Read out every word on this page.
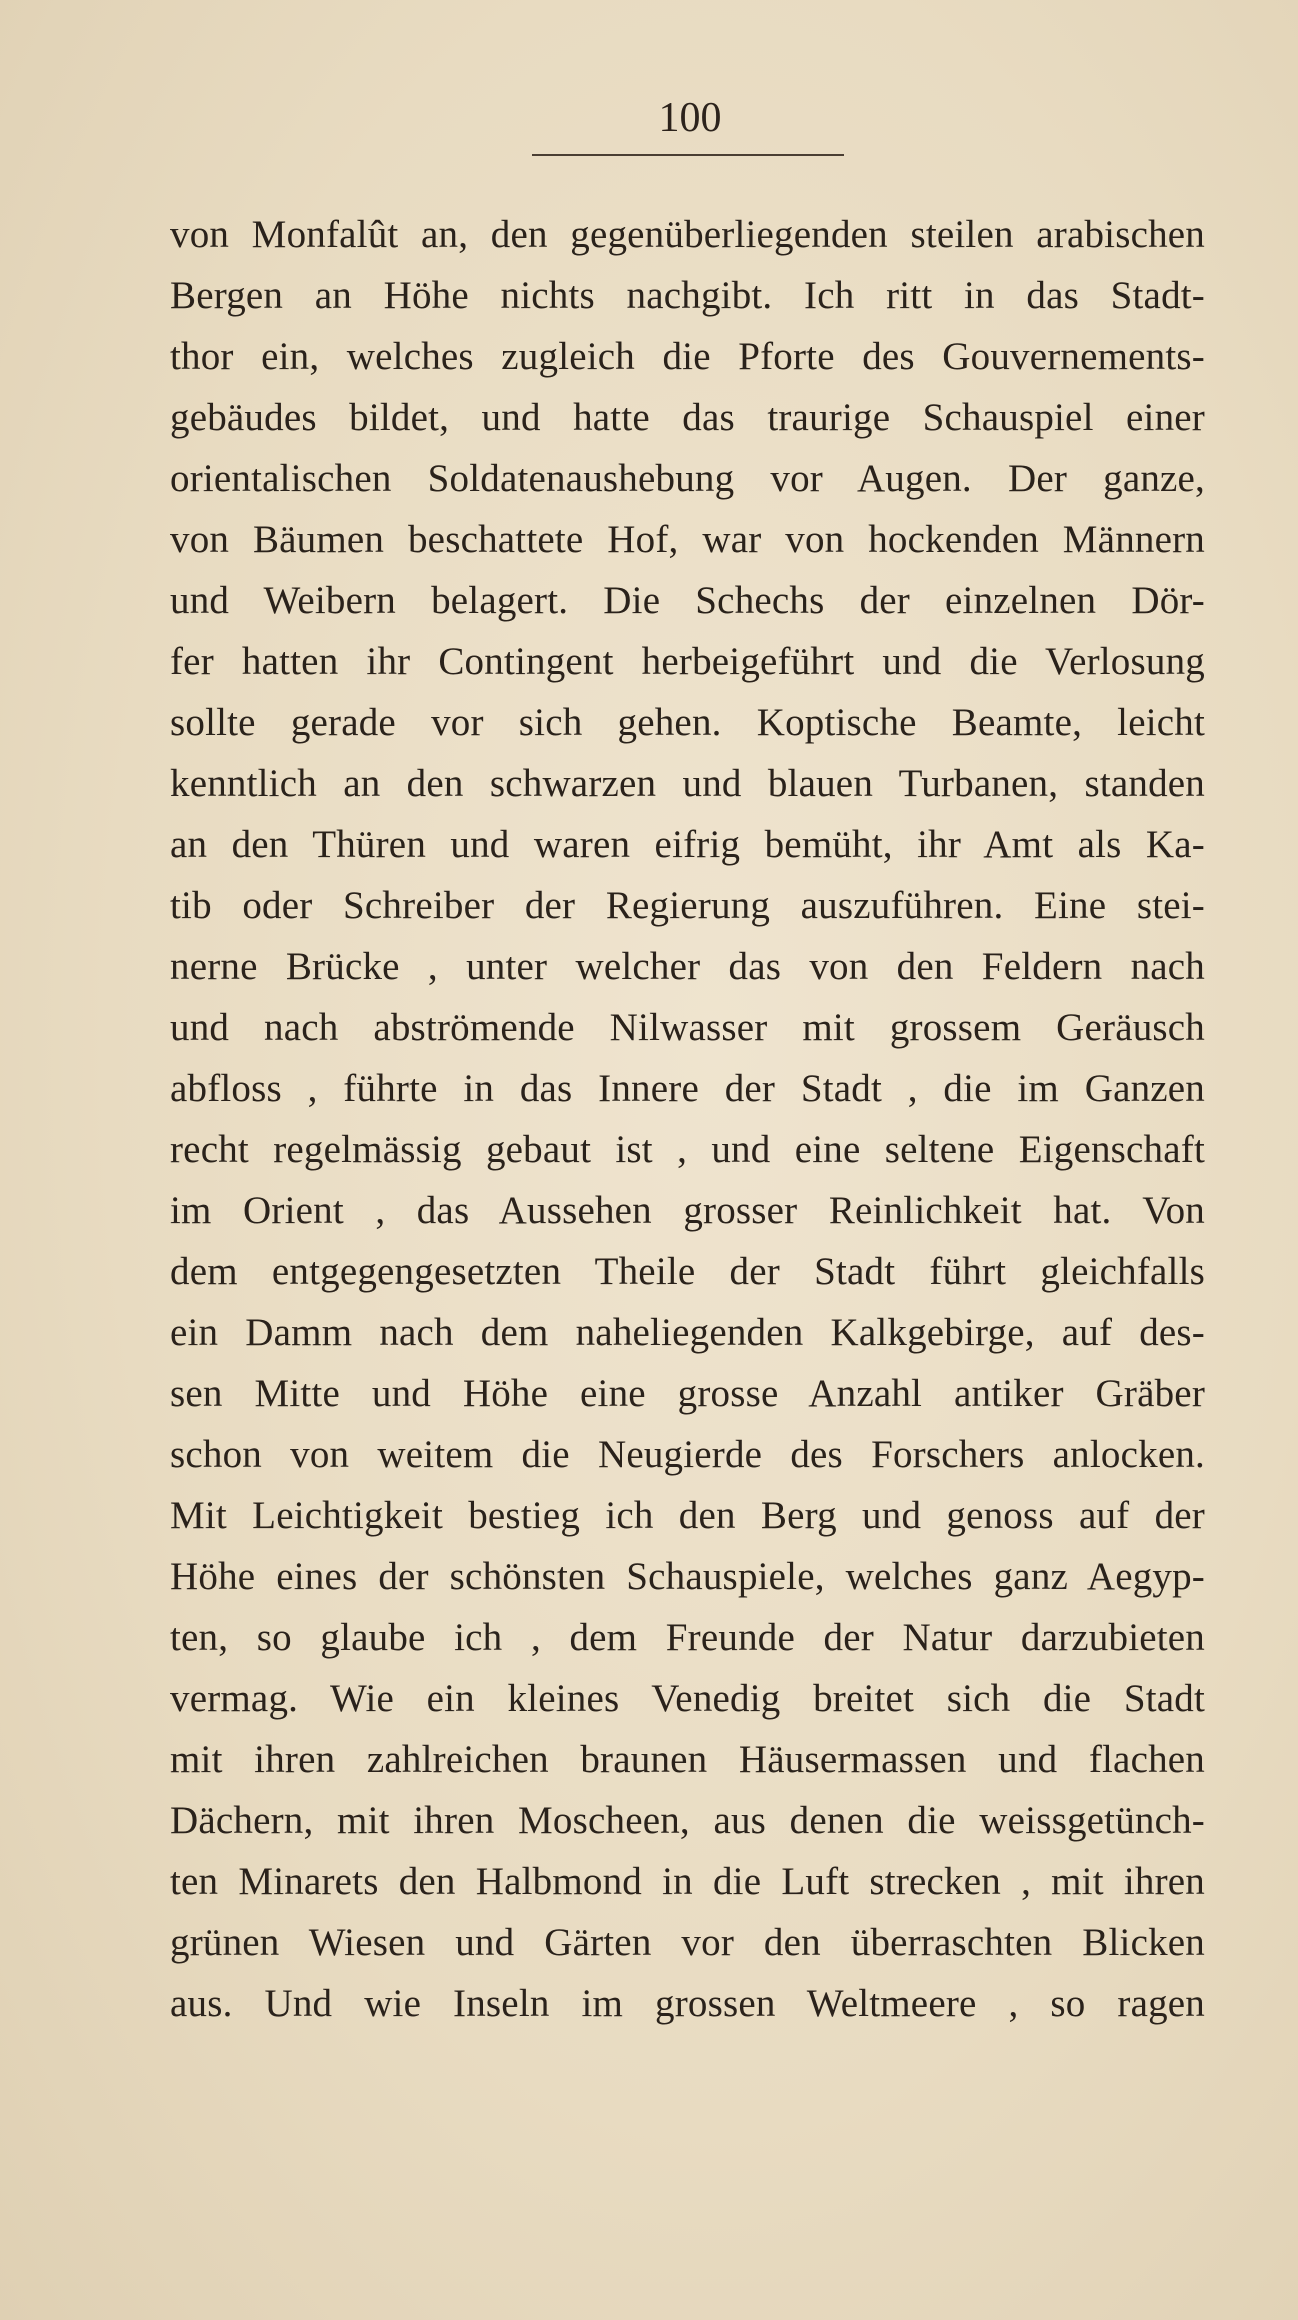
100
von Monfalût an, den gegenüberliegenden steilen arabischen
Bergen an Höhe nichts nachgibt. Ich ritt in das Stadt-
thor ein, welches zugleich die Pforte des Gouvernements-
gebäudes bildet, und hatte das traurige Schauspiel einer
orientalischen Soldatenaushebung vor Augen. Der ganze,
von Bäumen beschattete Hof, war von hockenden Männern
und Weibern belagert. Die Schechs der einzelnen Dör-
fer hatten ihr Contingent herbeigeführt und die Verlosung
sollte gerade vor sich gehen. Koptische Beamte, leicht
kenntlich an den schwarzen und blauen Turbanen, standen
an den Thüren und waren eifrig bemüht, ihr Amt als Ka-
tib oder Schreiber der Regierung auszuführen. Eine stei-
nerne Brücke , unter welcher das von den Feldern nach
und nach abströmende Nilwasser mit grossem Geräusch
abfloss , führte in das Innere der Stadt , die im Ganzen
recht regelmässig gebaut ist , und eine seltene Eigenschaft
im Orient , das Aussehen grosser Reinlichkeit hat. Von
dem entgegengesetzten Theile der Stadt führt gleichfalls
ein Damm nach dem naheliegenden Kalkgebirge, auf des-
sen Mitte und Höhe eine grosse Anzahl antiker Gräber
schon von weitem die Neugierde des Forschers anlocken.
Mit Leichtigkeit bestieg ich den Berg und genoss auf der
Höhe eines der schönsten Schauspiele, welches ganz Aegyp-
ten, so glaube ich , dem Freunde der Natur darzubieten
vermag. Wie ein kleines Venedig breitet sich die Stadt
mit ihren zahlreichen braunen Häusermassen und flachen
Dächern, mit ihren Moscheen, aus denen die weissgetünch-
ten Minarets den Halbmond in die Luft strecken , mit ihren
grünen Wiesen und Gärten vor den überraschten Blicken
aus. Und wie Inseln im grossen Weltmeere , so ragen
